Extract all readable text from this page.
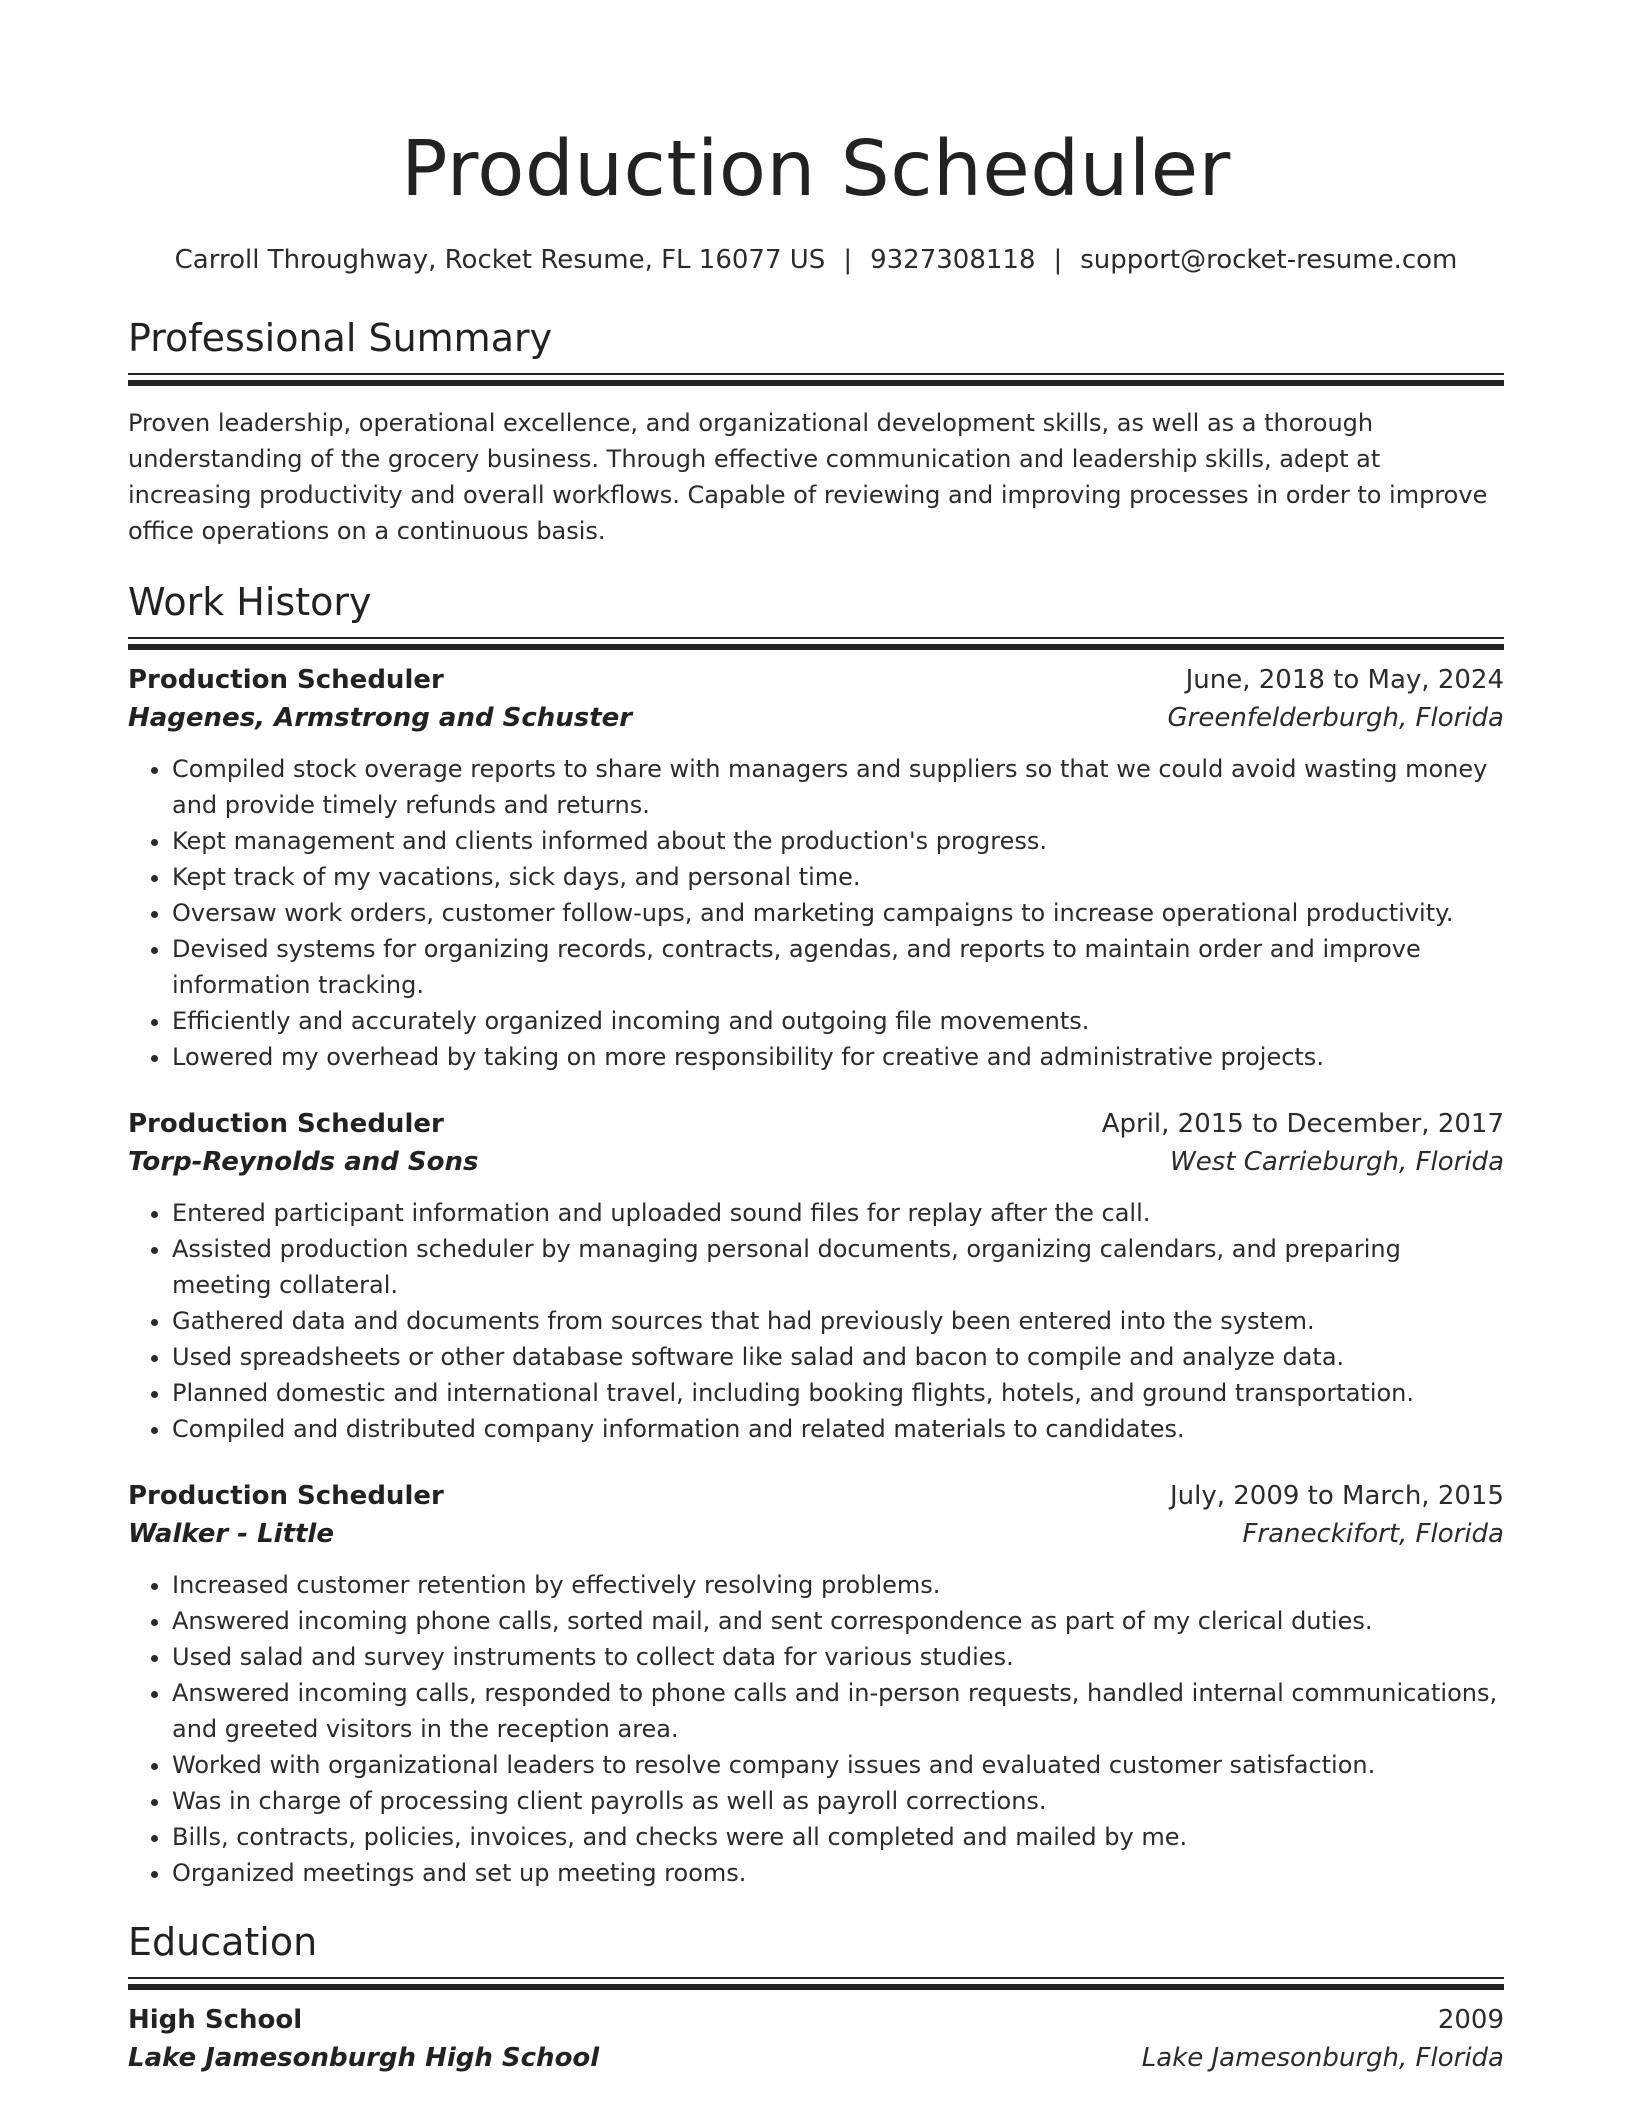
Production Scheduler
Carroll Throughway, Rocket Resume, FL 16077 US | 9327308118 | support@rocket-resume.com
Professional Summary
Proven leadership, operational excellence, and organizational development skills, as well as a thorough understanding of the grocery business. Through effective communication and leadership skills, adept at increasing productivity and overall workflows. Capable of reviewing and improving processes in order to improve office operations on a continuous basis.
Work History
Production Scheduler	June, 2018 to May, 2024
Hagenes, Armstrong and Schuster	Greenfelderburgh, Florida
• Compiled stock overage reports to share with managers and suppliers so that we could avoid wasting money and provide timely refunds and returns.
• Kept management and clients informed about the production's progress.
• Kept track of my vacations, sick days, and personal time.
• Oversaw work orders, customer follow-ups, and marketing campaigns to increase operational productivity.
• Devised systems for organizing records, contracts, agendas, and reports to maintain order and improve information tracking.
• Efficiently and accurately organized incoming and outgoing file movements.
• Lowered my overhead by taking on more responsibility for creative and administrative projects.
Production Scheduler	April, 2015 to December, 2017
Torp-Reynolds and Sons	West Carrieburgh, Florida
• Entered participant information and uploaded sound files for replay after the call.
• Assisted production scheduler by managing personal documents, organizing calendars, and preparing meeting collateral.
• Gathered data and documents from sources that had previously been entered into the system.
• Used spreadsheets or other database software like salad and bacon to compile and analyze data.
• Planned domestic and international travel, including booking flights, hotels, and ground transportation.
• Compiled and distributed company information and related materials to candidates.
Production Scheduler	July, 2009 to March, 2015
Walker - Little	Franeckifort, Florida
• Increased customer retention by effectively resolving problems.
• Answered incoming phone calls, sorted mail, and sent correspondence as part of my clerical duties.
• Used salad and survey instruments to collect data for various studies.
• Answered incoming calls, responded to phone calls and in-person requests, handled internal communications, and greeted visitors in the reception area.
• Worked with organizational leaders to resolve company issues and evaluated customer satisfaction.
• Was in charge of processing client payrolls as well as payroll corrections.
• Bills, contracts, policies, invoices, and checks were all completed and mailed by me.
• Organized meetings and set up meeting rooms.
Education
High School	2009
Lake Jamesonburgh High School	Lake Jamesonburgh, Florida
